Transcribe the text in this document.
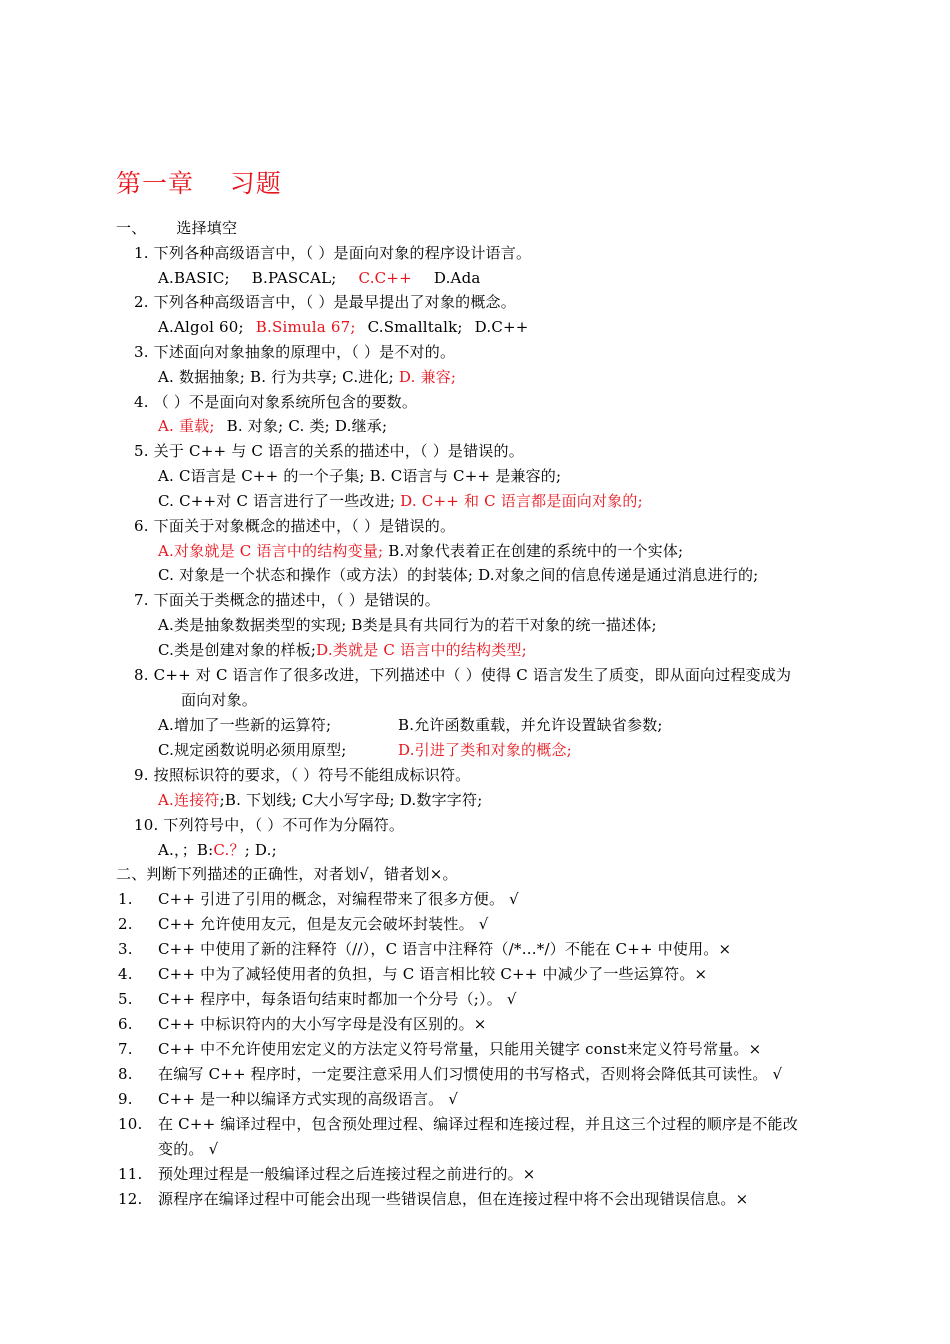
第一章    习题
一、 选择填空
1. 下列各种高级语言中，（ ）是面向对象的程序设计语言。
A.BASIC; B.PASCAL; C.C++ D.Ada
2. 下列各种高级语言中，（ ）是最早提出了对象的概念。
A.Algol 60; B.Simula 67; C.Smalltalk; D.C++
3. 下述面向对象抽象的原理中，（ ）是不对的。
A. 数据抽象; B. 行为共享; C.进化; D. 兼容;
4. （ ）不是面向对象系统所包含的要数。
A. 重载; B. 对象; C. 类; D.继承;
5. 关于 C++ 与 C 语言的关系的描述中，（ ）是错误的。
A. C语言是 C++ 的一个子集; B. C语言与 C++ 是兼容的;
C. C++对 C 语言进行了一些改进; D. C++ 和 C 语言都是面向对象的;
6. 下面关于对象概念的描述中，（ ）是错误的。
A.对象就是 C 语言中的结构变量; B.对象代表着正在创建的系统中的一个实体;
C. 对象是一个状态和操作（或方法）的封装体; D.对象之间的信息传递是通过消息进行的;
7. 下面关于类概念的描述中，（ ）是错误的。
A.类是抽象数据类型的实现; B类是具有共同行为的若干对象的统一描述体;
C.类是创建对象的样板;D.类就是 C 语言中的结构类型;
8. C++ 对 C 语言作了很多改进，下列描述中（ ）使得 C 语言发生了质变，即从面向过程变成为
面向对象。
A.增加了一些新的运算符;	B.允许函数重载，并允许设置缺省参数;
C.规定函数说明必须用原型;	D.引进了类和对象的概念;
9. 按照标识符的要求，（ ）符号不能组成标识符。
A.连接符;B. 下划线; C大小写字母; D.数字字符;
10. 下列符号中，（ ）不可作为分隔符。
A.，；B:C.？; D.;
二、判断下列描述的正确性，对者划√，错者划×。
1.	C++ 引进了引用的概念，对编程带来了很多方便。 √
2.	C++ 允许使用友元，但是友元会破坏封装性。 √
3.	C++ 中使用了新的注释符（//），C 语言中注释符（/*…*/）不能在 C++ 中使用。×
4.	C++ 中为了减轻使用者的负担，与 C 语言相比较 C++ 中减少了一些运算符。×
5.	C++ 程序中，每条语句结束时都加一个分号（;）。 √
6.	C++ 中标识符内的大小写字母是没有区别的。×
7.	C++ 中不允许使用宏定义的方法定义符号常量，只能用关键字 const来定义符号常量。×
8.	在编写 C++ 程序时，一定要注意采用人们习惯使用的书写格式，否则将会降低其可读性。 √
9.	C++ 是一种以编译方式实现的高级语言。 √
10.	在 C++ 编译过程中，包含预处理过程、编译过程和连接过程，并且这三个过程的顺序是不能改
变的。 √
11.	预处理过程是一般编译过程之后连接过程之前进行的。×
12.	源程序在编译过程中可能会出现一些错误信息，但在连接过程中将不会出现错误信息。×
